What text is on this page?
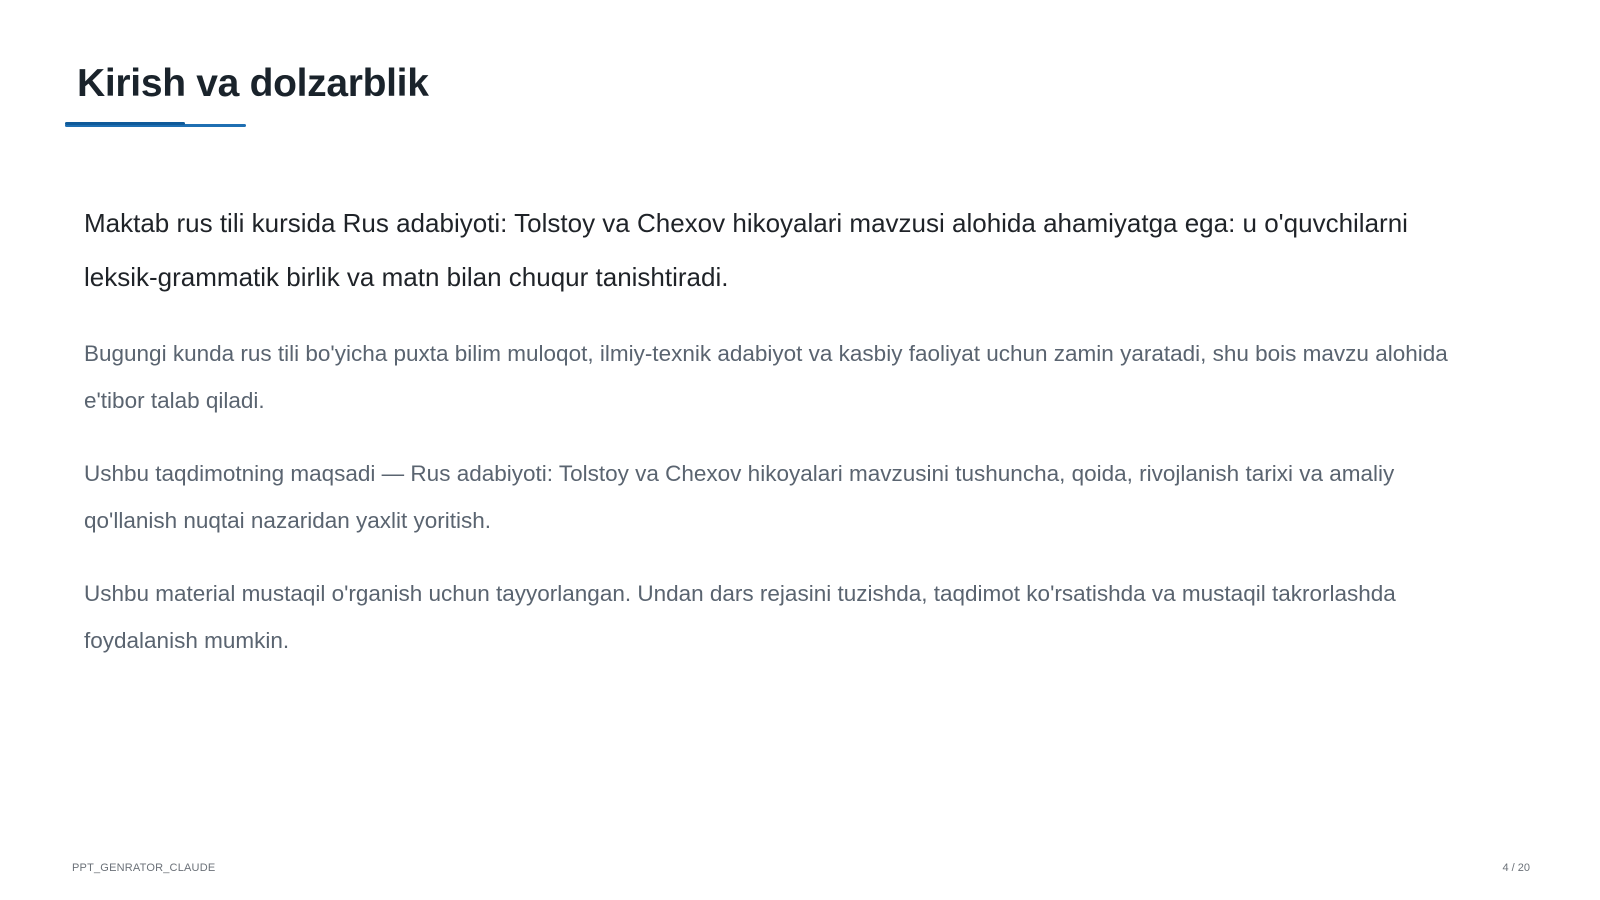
Kirish va dolzarblik

Maktab rus tili kursida Rus adabiyoti: Tolstoy va Chexov hikoyalari mavzusi alohida ahamiyatga ega: u o'quvchilarni leksik-grammatik birlik va matn bilan chuqur tanishtiradi.

Bugungi kunda rus tili bo'yicha puxta bilim muloqot, ilmiy-texnik adabiyot va kasbiy faoliyat uchun zamin yaratadi, shu bois mavzu alohida e'tibor talab qiladi.

Ushbu taqdimotning maqsadi — Rus adabiyoti: Tolstoy va Chexov hikoyalari mavzusini tushuncha, qoida, rivojlanish tarixi va amaliy qo'llanish nuqtai nazaridan yaxlit yoritish.

Ushbu material mustaqil o'rganish uchun tayyorlangan. Undan dars rejasini tuzishda, taqdimot ko'rsatishda va mustaqil takrorlashda foydalanish mumkin.

PPT_GENRATOR_CLAUDE	4 / 20
